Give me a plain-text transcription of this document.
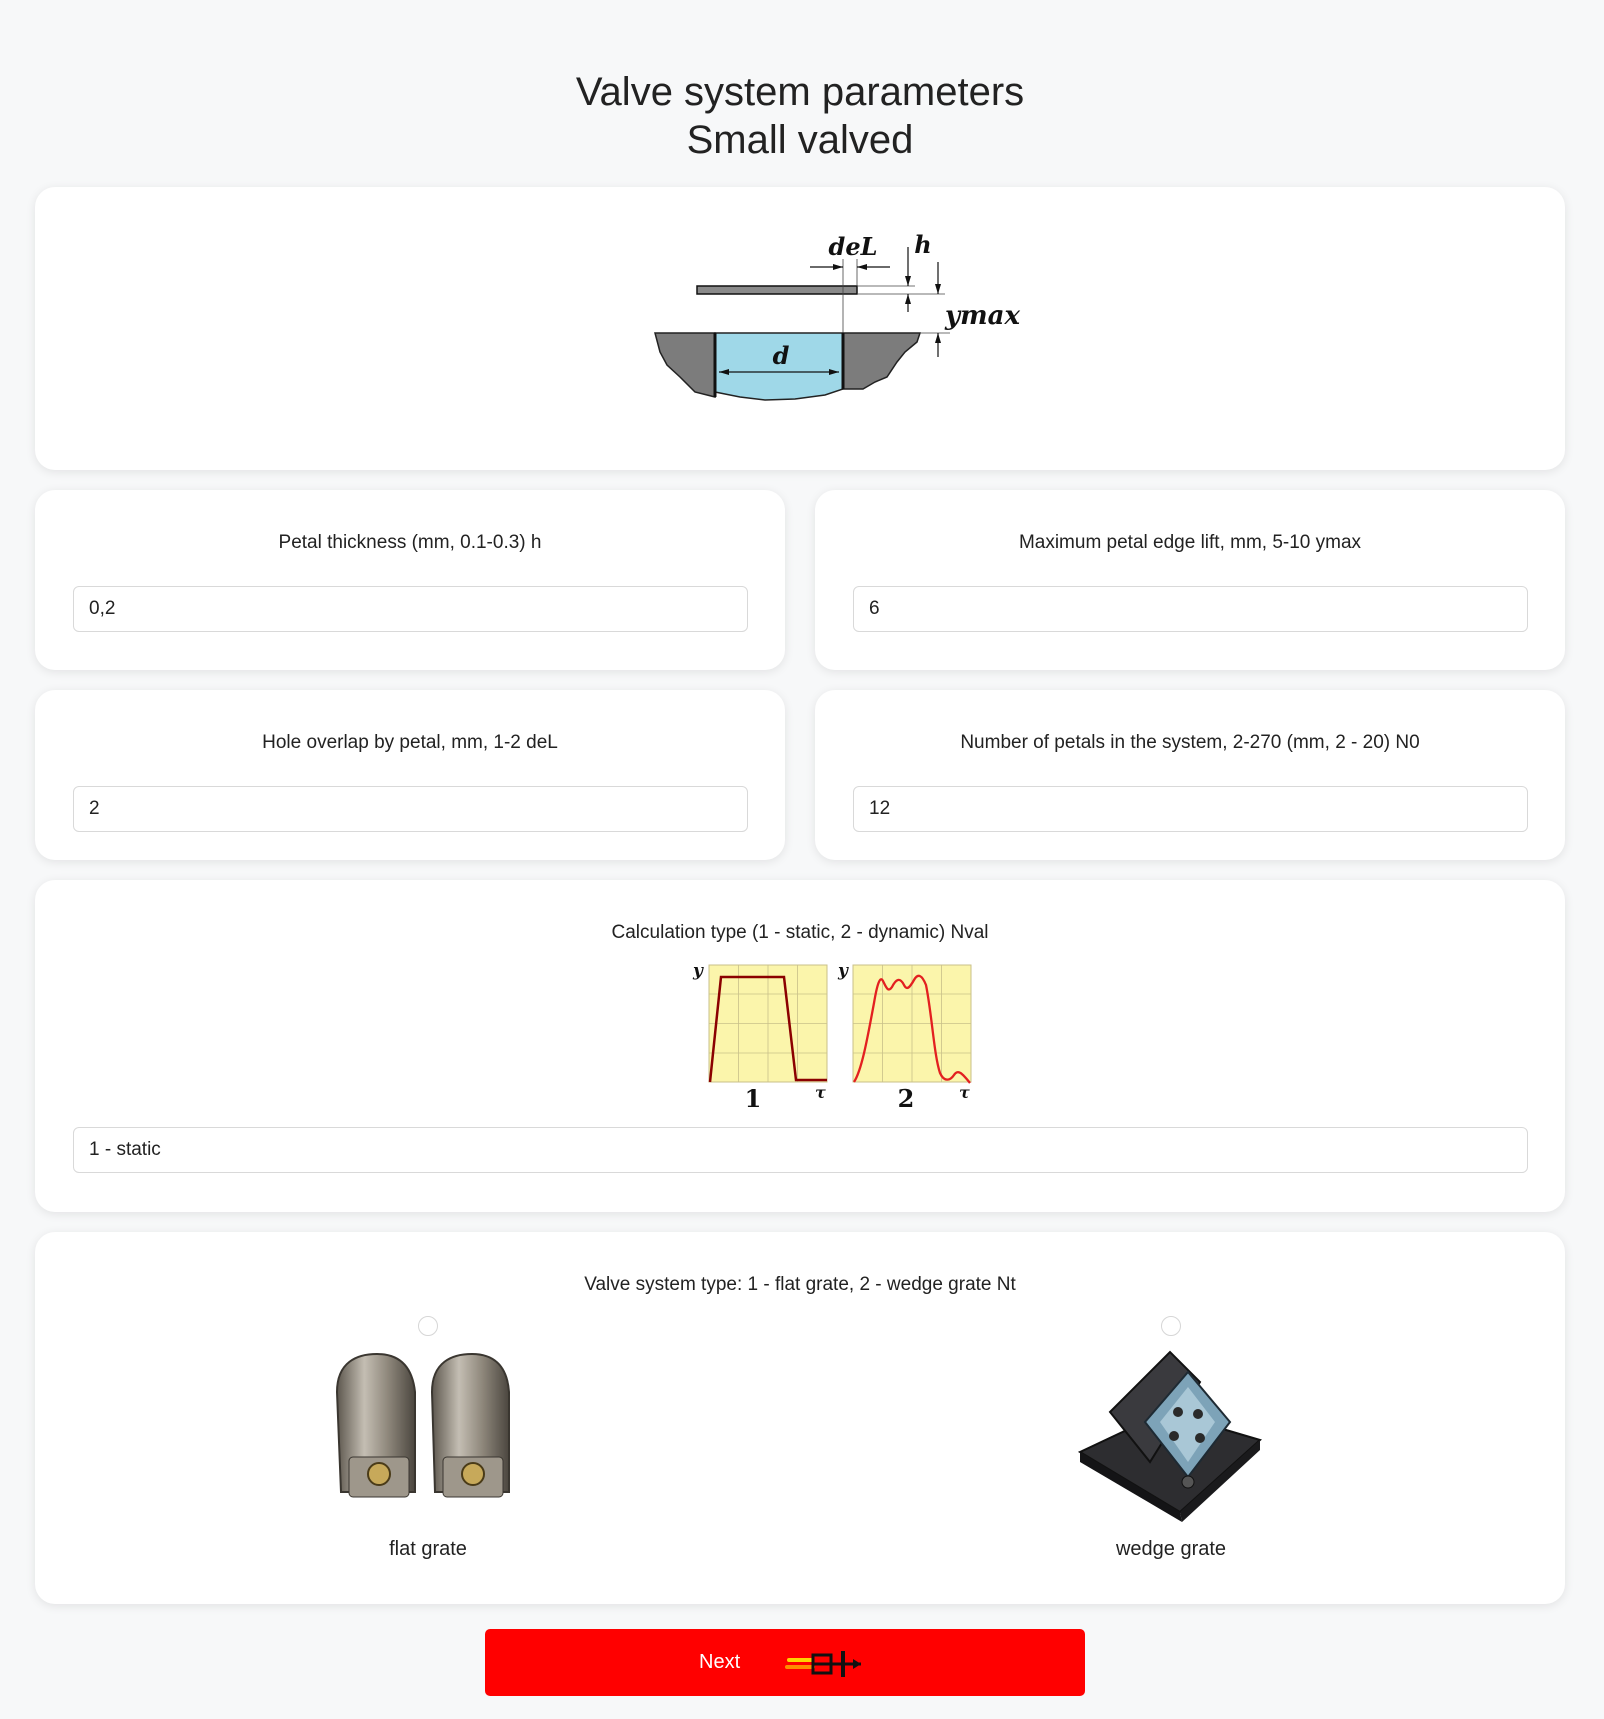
Valve system parameters
Small valved
d
deL h
ymax
Petal thickness (mm, 0.1-0.3) h
0,2	Maximum petal edge lift, mm, 5-10 ymax
6
Hole overlap by petal, mm, 1-2 deL
2	Number of petals in the system, 2-270 (mm, 2 - 20) N0
12
Calculation type (1 - static, 2 - dynamic) Nval
y
τ
1
y
τ
2
1 - static
Valve system type: 1 - flat grate, 2 - wedge grate Nt
flat grate	wedge grate
Next
